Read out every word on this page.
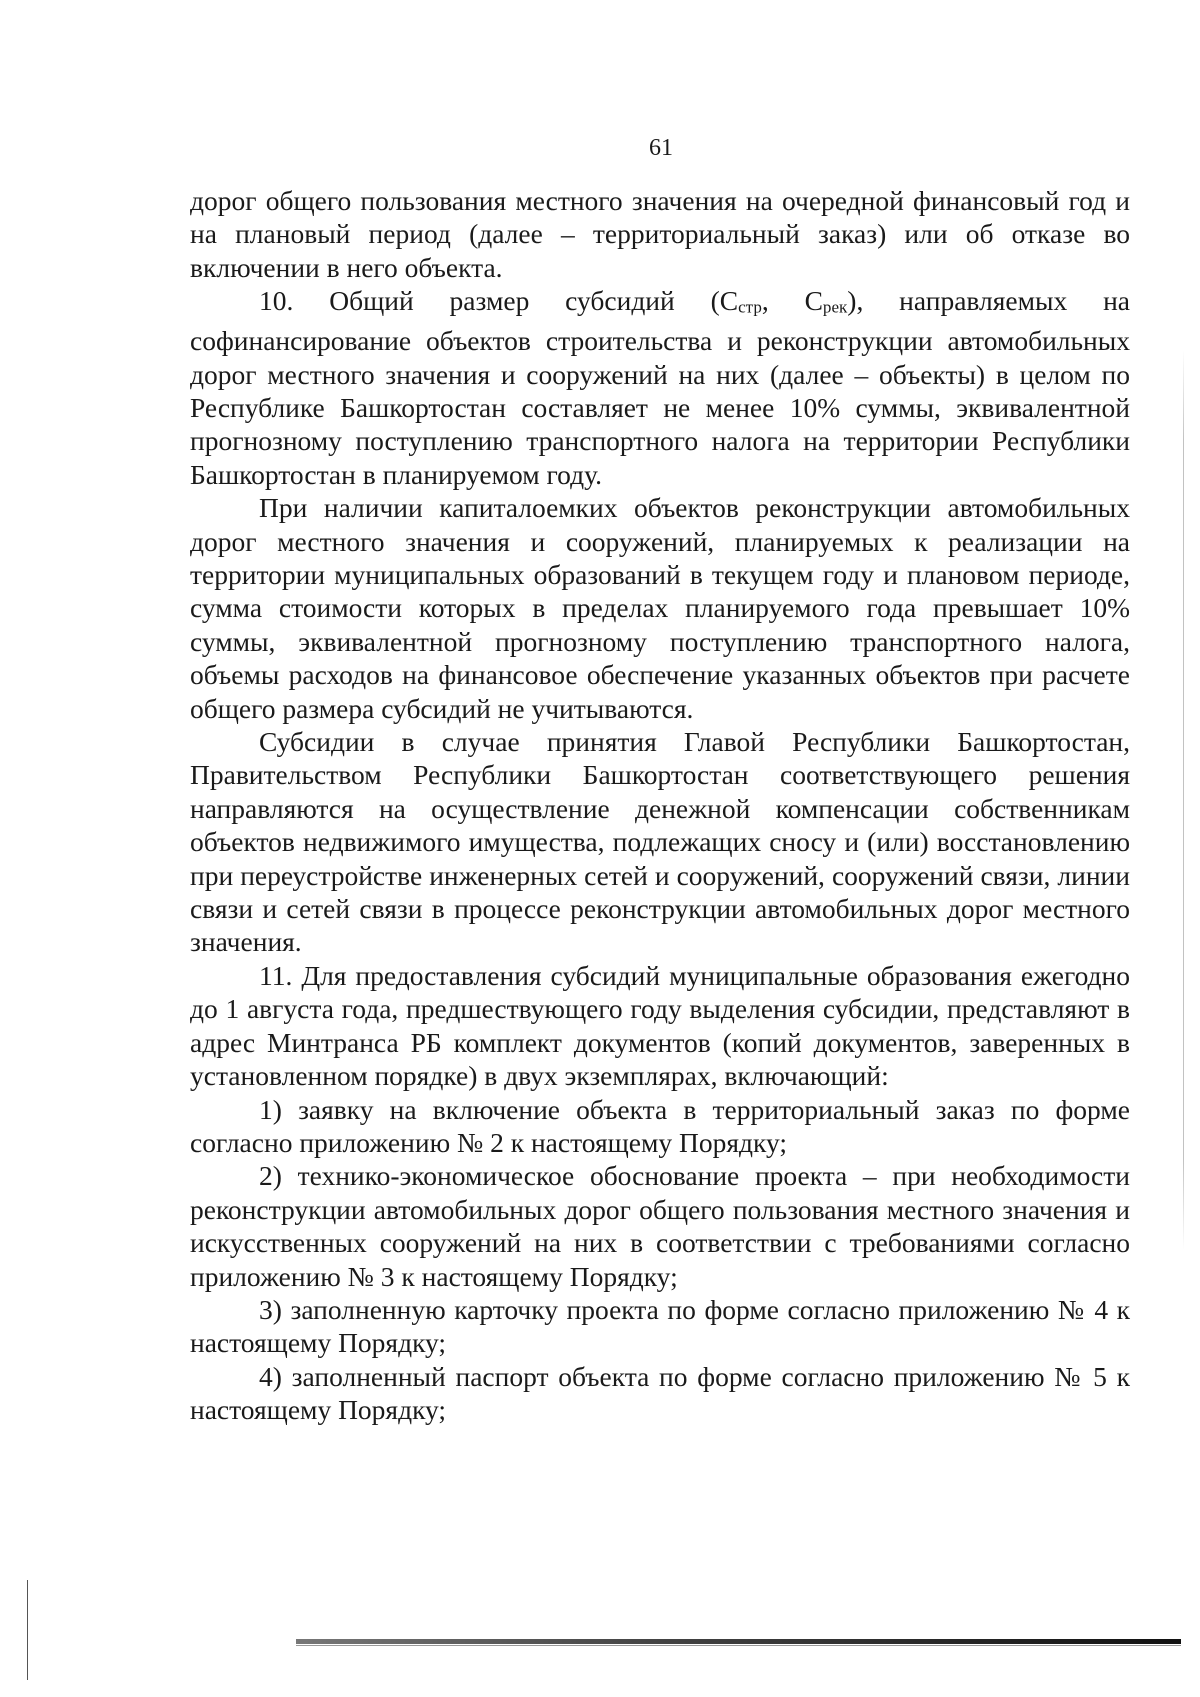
61

дорог общего пользования местного значения на очередной финансовый год и на плановый период (далее – территориальный заказ) или об отказе во включении в него объекта.

10. Общий размер субсидий (Сстр, Срек), направляемых на софинансирование объектов строительства и реконструкции автомобильных дорог местного значения и сооружений на них (далее – объекты) в целом по Республике Башкортостан составляет не менее 10% суммы, эквивалентной прогнозному поступлению транспортного налога на территории Республики Башкортостан в планируемом году.

При наличии капиталоемких объектов реконструкции автомобильных дорог местного значения и сооружений, планируемых к реализации на территории муниципальных образований в текущем году и плановом периоде, сумма стоимости которых в пределах планируемого года превышает 10% суммы, эквивалентной прогнозному поступлению транспортного налога, объемы расходов на финансовое обеспечение указанных объектов при расчете общего размера субсидий не учитываются.

Субсидии в случае принятия Главой Республики Башкортостан, Правительством Республики Башкортостан соответствующего решения направляются на осуществление денежной компенсации собственникам объектов недвижимого имущества, подлежащих сносу и (или) восстановлению при переустройстве инженерных сетей и сооружений, сооружений связи, линии связи и сетей связи в процессе реконструкции автомобильных дорог местного значения.

11. Для предоставления субсидий муниципальные образования ежегодно до 1 августа года, предшествующего году выделения субсидии, представляют в адрес Минтранса РБ комплект документов (копий документов, заверенных в установленном порядке) в двух экземплярах, включающий:

1) заявку на включение объекта в территориальный заказ по форме согласно приложению № 2 к настоящему Порядку;

2) технико-экономическое обоснование проекта – при необходимости реконструкции автомобильных дорог общего пользования местного значения и искусственных сооружений на них в соответствии с требованиями согласно приложению № 3 к настоящему Порядку;

3) заполненную карточку проекта по форме согласно приложению № 4 к настоящему Порядку;

4) заполненный паспорт объекта по форме согласно приложению № 5 к настоящему Порядку;
